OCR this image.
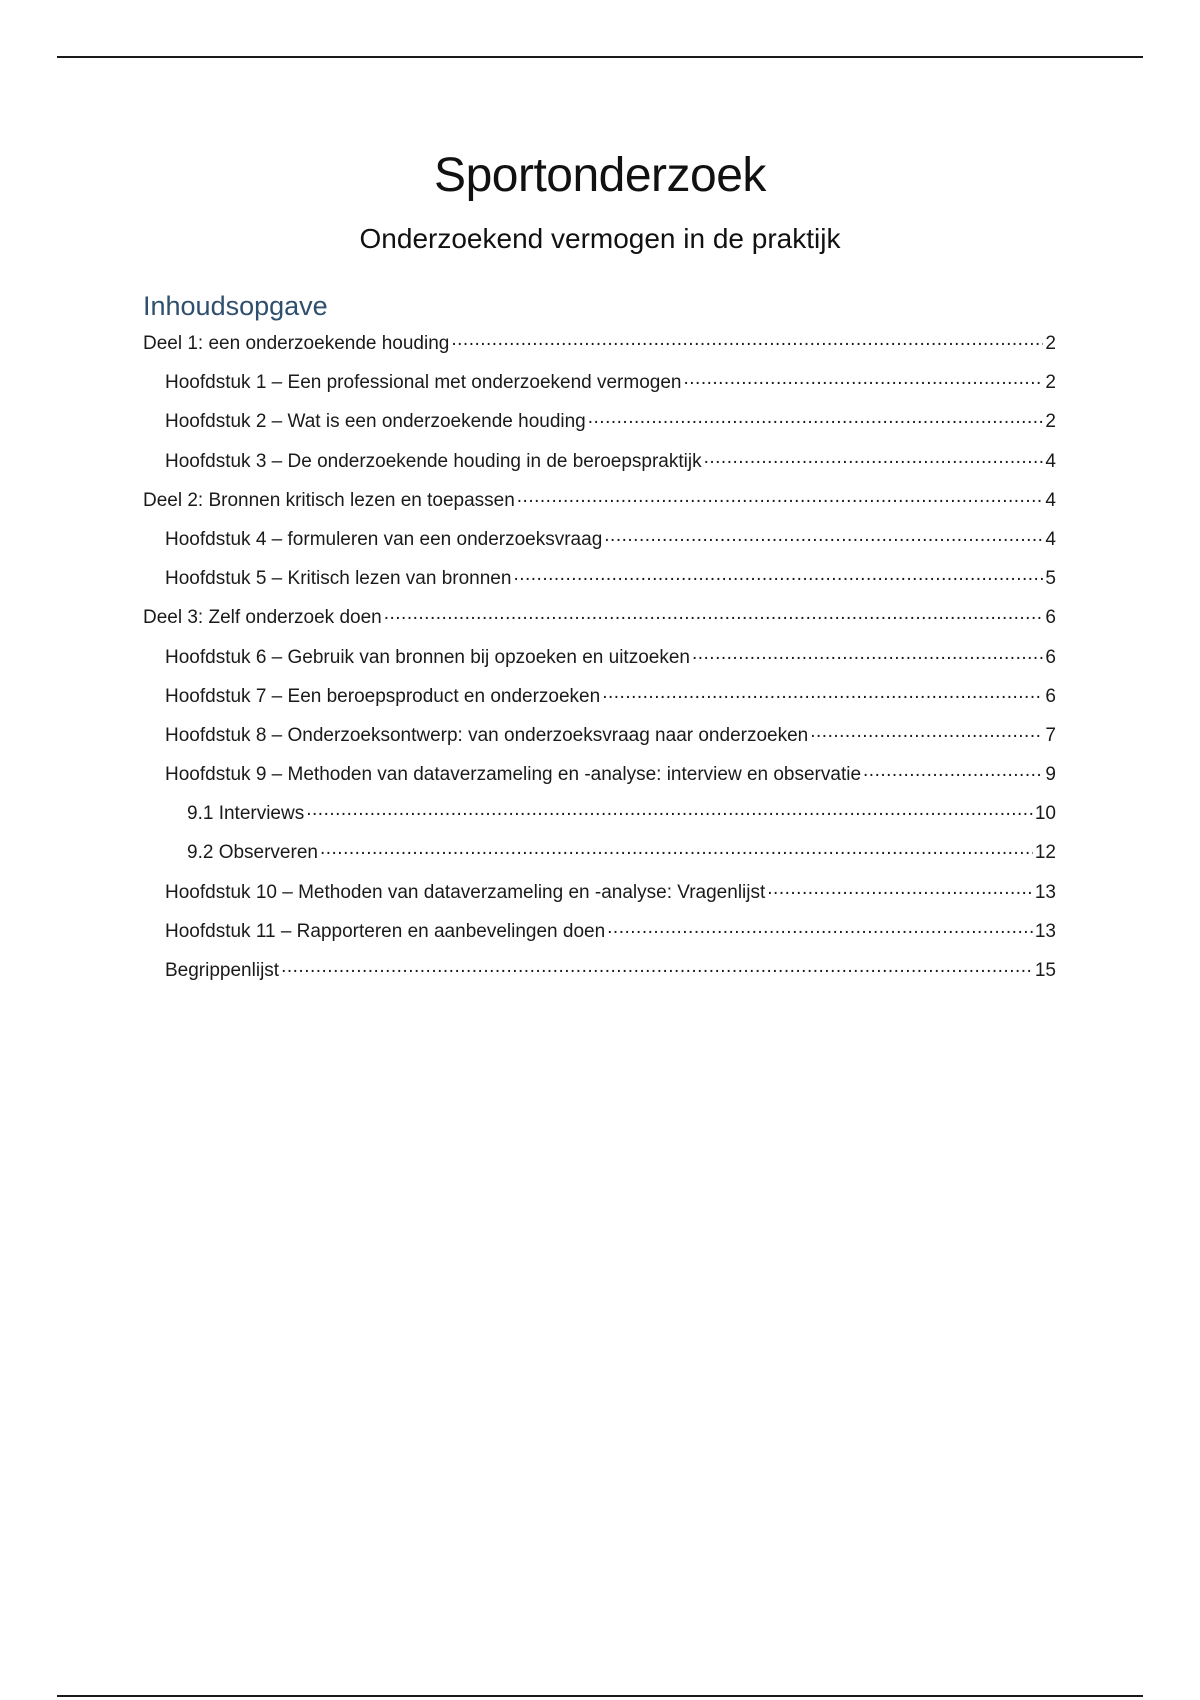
Sportonderzoek
Onderzoekend vermogen in de praktijk
Inhoudsopgave
Deel 1: een onderzoekende houding .....	2
Hoofdstuk 1 – Een professional met onderzoekend vermogen .....	2
Hoofdstuk 2 – Wat is een onderzoekende houding .....	2
Hoofdstuk 3 – De onderzoekende houding in de beroepspraktijk .....	4
Deel 2: Bronnen kritisch lezen en toepassen .....	4
Hoofdstuk 4 – formuleren van een onderzoeksvraag .....	4
Hoofdstuk 5 – Kritisch lezen van bronnen .....	5
Deel 3: Zelf onderzoek doen .....	6
Hoofdstuk 6 – Gebruik van bronnen bij opzoeken en uitzoeken .....	6
Hoofdstuk 7 – Een beroepsproduct en onderzoeken .....	6
Hoofdstuk 8 – Onderzoeksontwerp: van onderzoeksvraag naar onderzoeken .....	7
Hoofdstuk 9 – Methoden van dataverzameling en -analyse: interview en observatie .....	9
9.1 Interviews .....	10
9.2 Observeren .....	12
Hoofdstuk 10 – Methoden van dataverzameling en -analyse: Vragenlijst .....	13
Hoofdstuk 11 – Rapporteren en aanbevelingen doen .....	13
Begrippenlijst .....	15
